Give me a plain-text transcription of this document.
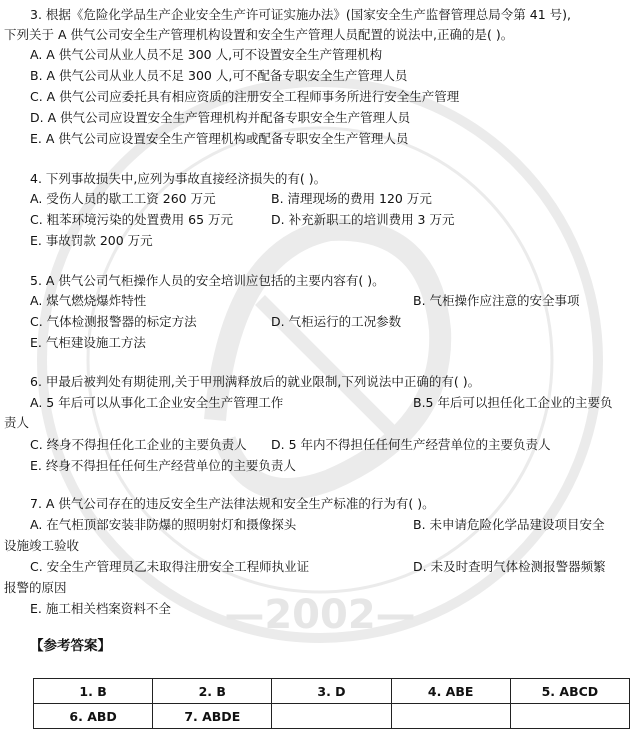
—2002—
3. 根据《危险化学品生产企业安全生产许可证实施办法》(国家安全生产监督管理总局令第 41 号),
下列关于 A 供气公司安全生产管理机构设置和安全生产管理人员配置的说法中,正确的是( )。
A. A 供气公司从业人员不足 300 人,可不设置安全生产管理机构
B. A 供气公司从业人员不足 300 人,可不配备专职安全生产管理人员
C. A 供气公司应委托具有相应资质的注册安全工程师事务所进行安全生产管理
D. A 供气公司应设置安全生产管理机构并配备专职安全生产管理人员
E. A 供气公司应设置安全生产管理机构或配备专职安全生产管理人员
4. 下列事故损失中,应列为事故直接经济损失的有( )。
A. 受伤人员的歇工工资 260 万元	B. 清理现场的费用 120 万元
C. 粗苯环境污染的处置费用 65 万元	D. 补充新职工的培训费用 3 万元
E. 事故罚款 200 万元
5. A 供气公司气柜操作人员的安全培训应包括的主要内容有( )。
A. 煤气燃烧爆炸特性	B. 气柜操作应注意的安全事项
C. 气体检测报警器的标定方法	D. 气柜运行的工况参数
E. 气柜建设施工方法
6. 甲最后被判处有期徒刑,关于甲刑满释放后的就业限制,下列说法中正确的有( )。
A. 5 年后可以从事化工企业安全生产管理工作	B.5 年后可以担任化工企业的主要负
责人
C. 终身不得担任化工企业的主要负责人 D. 5 年内不得担任任何生产经营单位的主要负责人
E. 终身不得担任任何生产经营单位的主要负责人
7. A 供气公司存在的违反安全生产法律法规和安全生产标准的行为有( )。
A. 在气柜顶部安装非防爆的照明射灯和摄像探头	B. 未申请危险化学品建设项目安全
设施竣工验收
C. 安全生产管理员乙未取得注册安全工程师执业证	D. 未及时查明气体检测报警器频繁
报警的原因
E. 施工相关档案资料不全
【参考答案】
1. B	2. B	3. D	4. ABE	5. ABCD
6. ABD	7. ABDE			
